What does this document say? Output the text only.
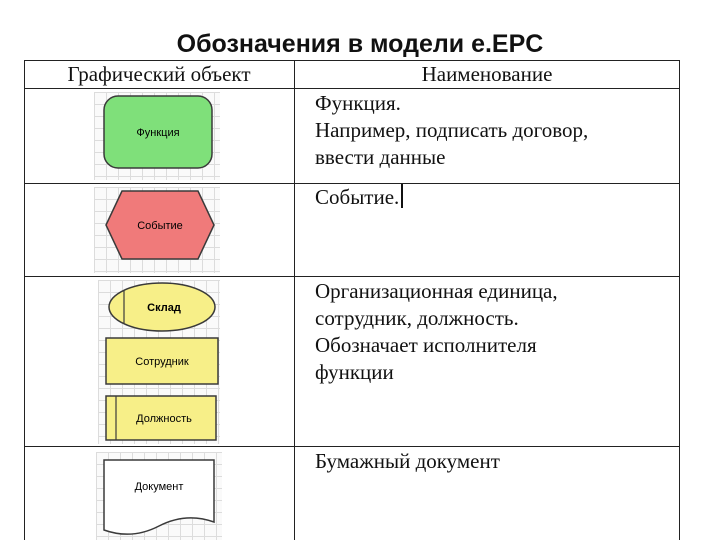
Обозначения в модели е.EPC
Графический объект	Наименование
Функция
Функция.
Например, подписать договор,
ввести данные
Событие
Событие.
Склад
Сотрудник
Должность
Организационная единица,
сотрудник, должность.
Обозначает исполнителя
функции
Документ
Бумажный документ
